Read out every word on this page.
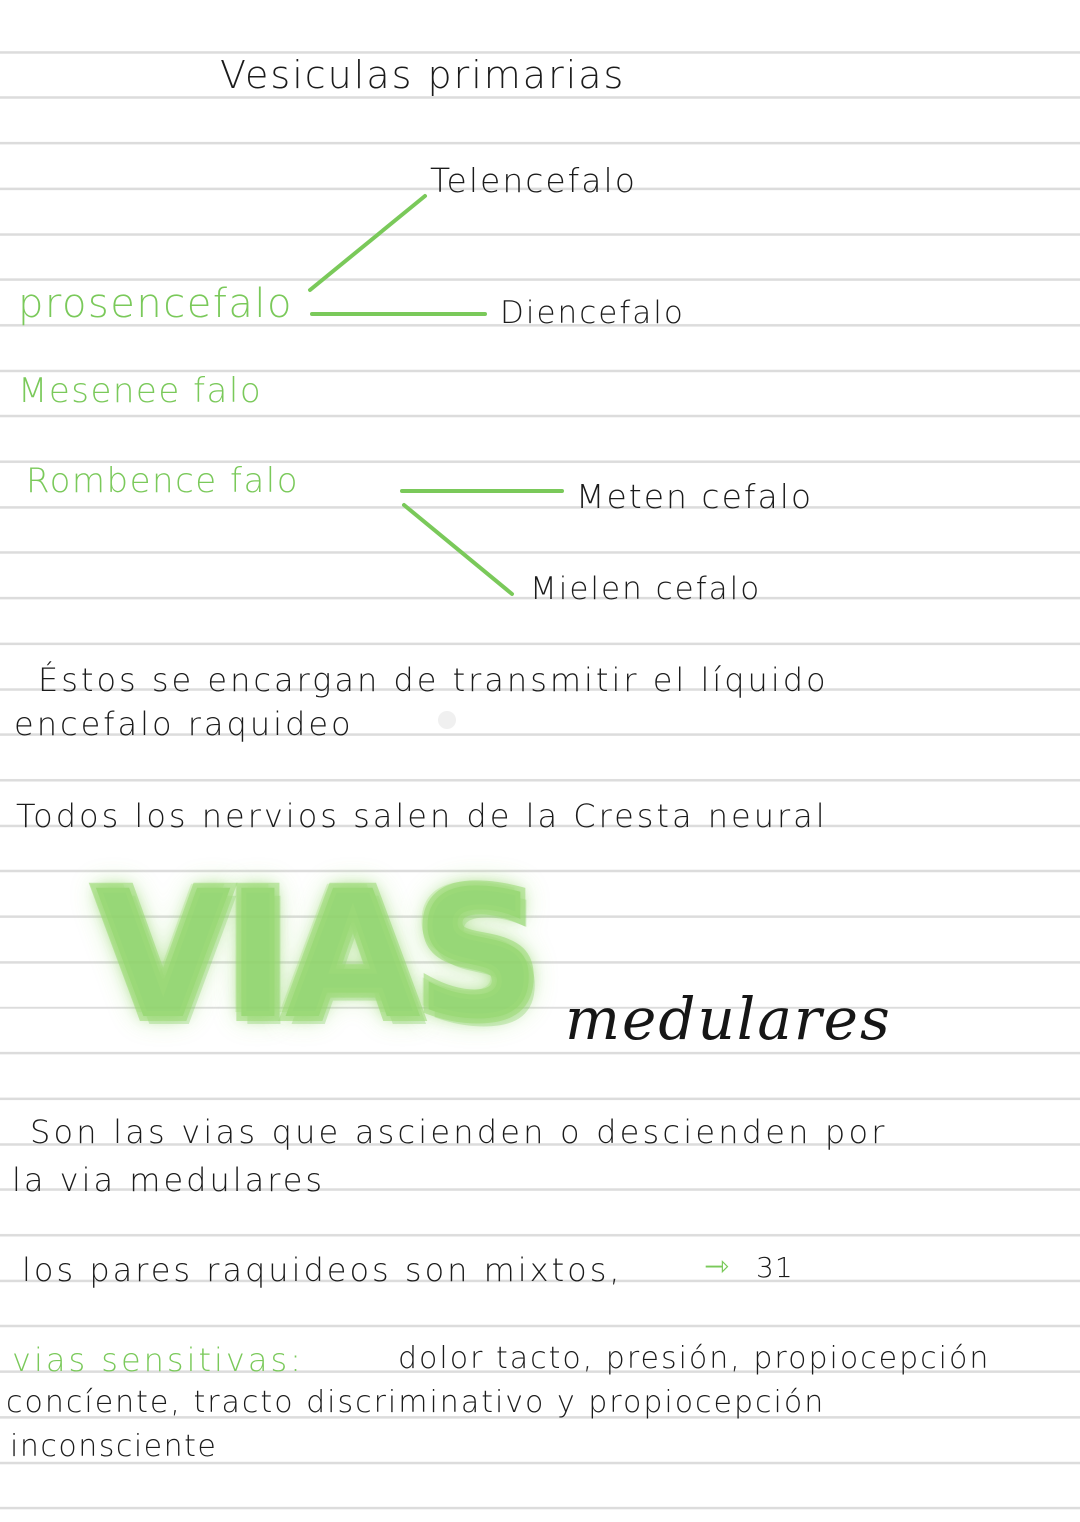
Vesiculas primarias

prosencefalo

Mesenee falo

Rombence falo

Telencefalo

Diencefalo

Meten cefalo

Mielen cefalo

Éstos se encargan de transmitir el líquido

encefalo raquideo

Todos los nervios salen de la Cresta neural

VIAS medulares

Son las vias que ascienden o descienden por

la via medulares

los pares raquideos son mixtos,	⇾ 31

vias sensitivas:	dolor tacto, presión, propiocepción

concíente, tracto discriminativo y propiocepción

inconsciente
